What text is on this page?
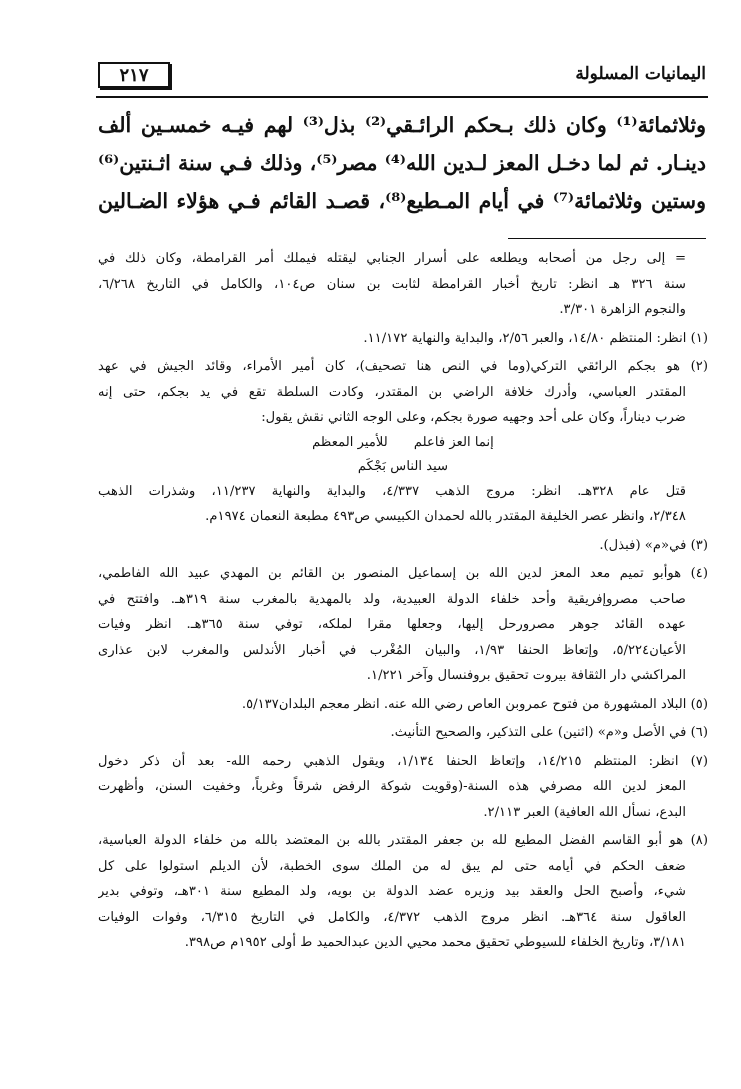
اليمانيات المسلولة
٢١٧
وثلاثمائة⁽¹⁾ وكان ذلك بـحكم الرائـقي⁽²⁾ بذل⁽³⁾ لهم فيـه خمسـين ألف
دينـار. ثم لما دخـل المعز لـدين الله⁽⁴⁾ مصر⁽⁵⁾، وذلك فـي سنة اثـنتين⁽⁶⁾
وستين وثلاثمائة⁽⁷⁾ في أيام المـطيع⁽⁸⁾، قصـد القائم فـي هؤلاء الضـالين
= إلى رجل من أصحابه ويطلعه على أسرار الجنابي ليقتله فيملك أمر القرامطة، وكان ذلك في
سنة ٣٢٦ هـ انظر: تاريخ أخبار القرامطة لثابت بن سنان ص١٠٤، والكامل في التاريخ ٦/٢٦٨،
والنجوم الزاهرة ٣/٣٠١.
(١) انظر: المنتظم ١٤/٨٠، والعبر ٢/٥٦، والبداية والنهاية ١١/١٧٢.
(٢) هو بجكم الرائقي التركي(وما في النص هنا تصحيف)، كان أمير الأمراء، وقائد الجيش في عهد
المقتدر العباسي، وأدرك خلافة الراضي بن المقتدر، وكادت السلطة تقع في يد بجكم، حتى إنه
ضرب ديناراً، وكان على أحد وجهيه صورة بجكم، وعلى الوجه الثاني نقش يقول:
إنما العز فاعلم
للأمير المعظم
سيد الناس بَجْكَم
قتل عام ٣٢٨هـ. انظر: مروج الذهب ٤/٣٣٧، والبداية والنهاية ١١/٢٣٧، وشذرات الذهب
٢/٣٤٨، وانظر عصر الخليفة المقتدر بالله لحمدان الكبيسي ص٤٩٣ مطبعة النعمان ١٩٧٤م.
(٣) في«م» (فبذل).
(٤) هوأبو تميم معد المعز لدين الله بن إسماعيل المنصور بن القائم بن المهدي عبيد الله الفاطمي،
صاحب مصروإفريقية وأحد خلفاء الدولة العبيدية، ولد بالمهدية بالمغرب سنة ٣١٩هـ. وافتتح في
عهده القائد جوهر مصرورحل إليها، وجعلها مقرا لملكه، توفي سنة ٣٦٥هـ. انظر وفيات
الأعيان٥/٢٢٤، وإتعاظ الحنفا ١/٩٣، والبيان المُغْرب في أخبار الأندلس والمغرب لابن عذارى
المراكشي دار الثقافة بيروت تحقيق بروفنسال وآخر ١/٢٢١.
(٥) البلاد المشهورة من فتوح عمروبن العاص رضي الله عنه. انظر معجم البلدان٥/١٣٧.
(٦) في الأصل و«م» (اثنين) على التذكير، والصحيح التأنيث.
(٧) انظر: المنتظم ١٤/٢١٥، وإتعاظ الحنفا ١/١٣٤، ويقول الذهبي رحمه الله- بعد أن ذكر دخول
المعز لدين الله مصرفي هذه السنة-(وقويت شوكة الرفض شرقاً وغرباً، وخفيت السنن، وأظهرت
البدع، نسأل الله العافية) العبر ٢/١١٣.
(٨) هو أبو القاسم الفضل المطيع لله بن جعفر المقتدر بالله بن المعتضد بالله من خلفاء الدولة العباسية،
ضعف الحكم في أيامه حتى لم يبق له من الملك سوى الخطبة، لأن الديلم استولوا على كل
شيء، وأصبح الحل والعقد بيد وزيره عضد الدولة بن بويه، ولد المطيع سنة ٣٠١هـ، وتوفي بدير
العاقول سنة ٣٦٤هـ. انظر مروج الذهب ٤/٣٧٢، والكامل في التاريخ ٦/٣١٥، وفوات الوفيات
٣/١٨١، وتاريخ الخلفاء للسيوطي تحقيق محمد محيي الدين عبدالحميد ط أولى ١٩٥٢م ص٣٩٨.
